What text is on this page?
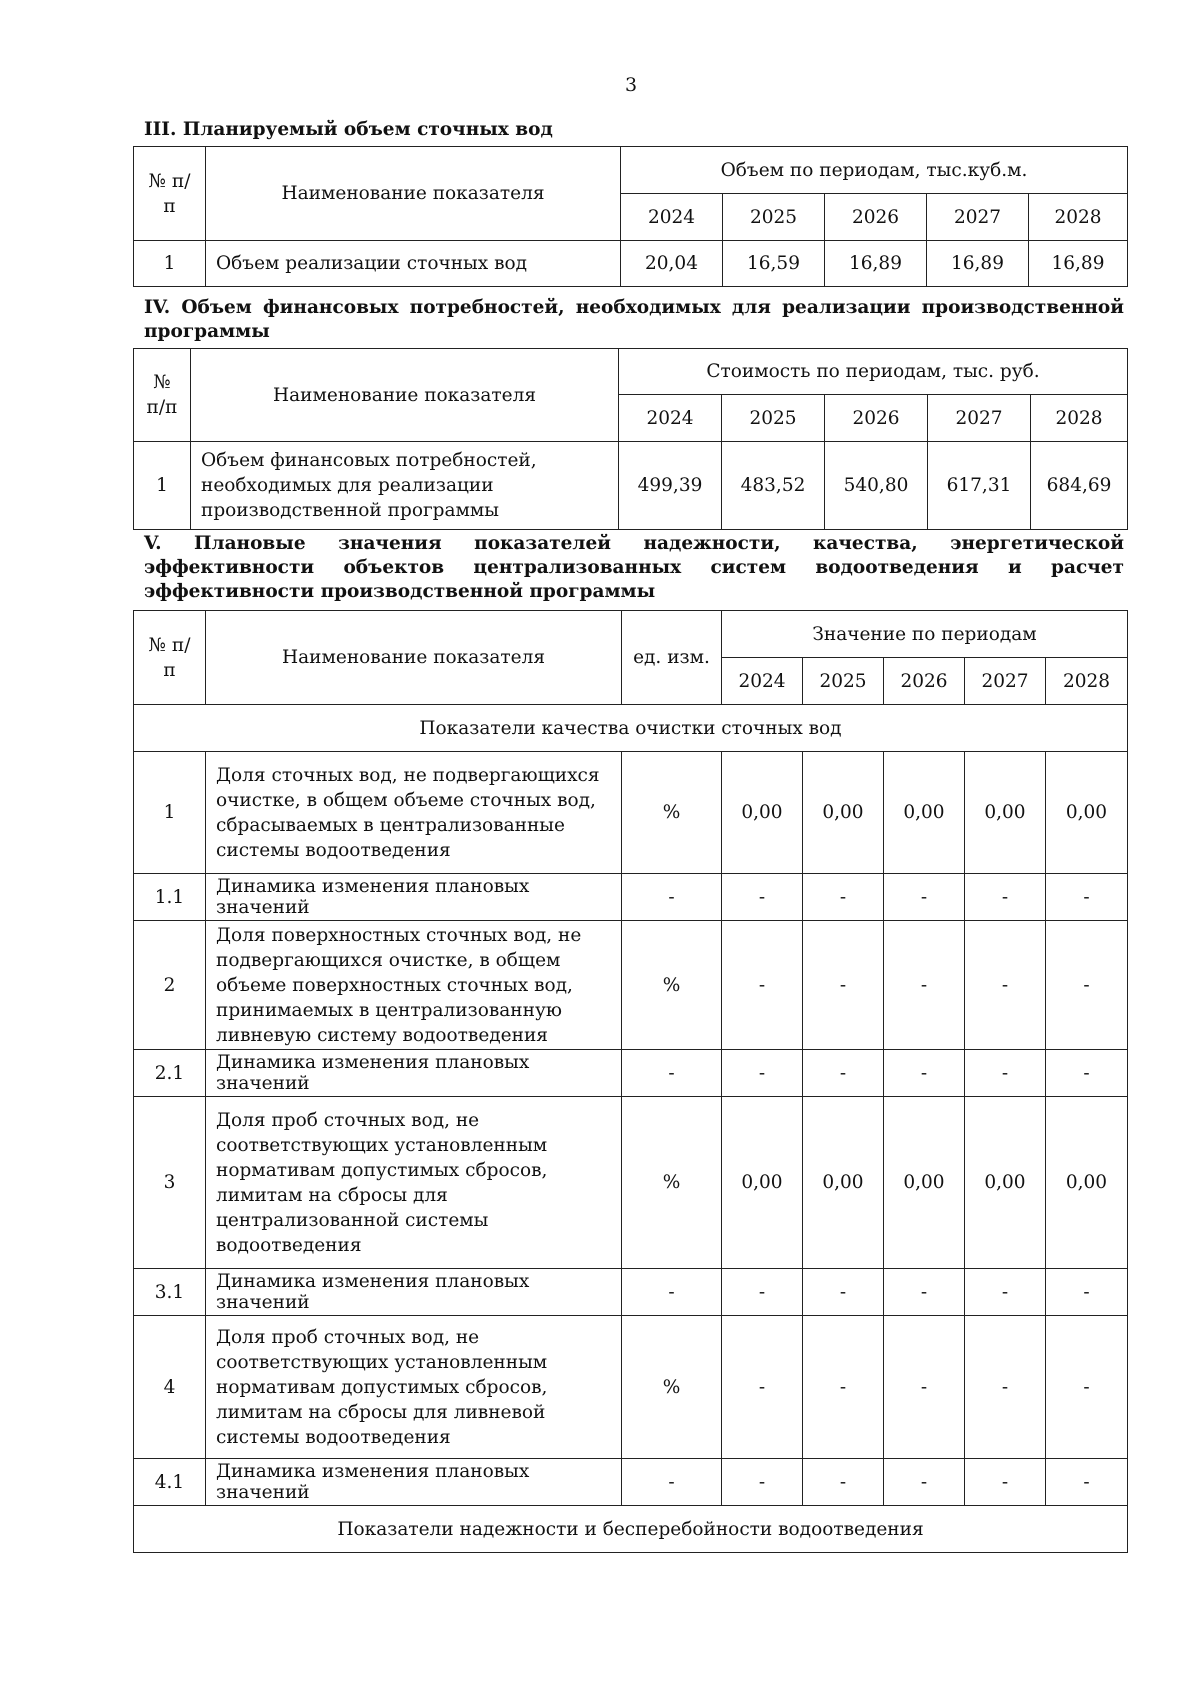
3
III. Планируемый объем сточных вод
№ п/п	Наименование показателя	Объем по периодам, тыс.куб.м.				
		2024	2025	2026	2027	2028
1	Объем реализации сточных вод	20,04	16,59	16,89	16,89	16,89
IV. Объем финансовых потребностей, необходимых для реализации производственной программы
№ п/п	Наименование показателя	Стоимость по периодам, тыс. руб.				
		2024	2025	2026	2027	2028
1	Объем финансовых потребностей, необходимых для реализации производственной программы	499,39	483,52	540,80	617,31	684,69
V. Плановые значения показателей надежности, качества, энергетической эффективности объектов централизованных систем водоотведения и расчет эффективности производственной программы
№ п/п	Наименование показателя	ед. изм.	Значение по периодам				
			2024	2025	2026	2027	2028
Показатели качества очистки сточных вод							
1	Доля сточных вод, не подвергающихся очистке, в общем объеме сточных вод, сбрасываемых в централизованные системы водоотведения	%	0,00	0,00	0,00	0,00	0,00
1.1	Динамика изменения плановых значений	-	-	-	-	-	-
2	Доля поверхностных сточных вод, не подвергающихся очистке, в общем объеме поверхностных сточных вод, принимаемых в централизованную ливневую систему водоотведения	%	-	-	-	-	-
2.1	Динамика изменения плановых значений	-	-	-	-	-	-
3	Доля проб сточных вод, не соответствующих установленным нормативам допустимых сбросов, лимитам на сбросы для централизованной системы водоотведения	%	0,00	0,00	0,00	0,00	0,00
3.1	Динамика изменения плановых значений	-	-	-	-	-	-
4	Доля проб сточных вод, не соответствующих установленным нормативам допустимых сбросов, лимитам на сбросы для ливневой системы водоотведения	%	-	-	-	-	-
4.1	Динамика изменения плановых значений	-	-	-	-	-	-
Показатели надежности и бесперебойности водоотведения							
